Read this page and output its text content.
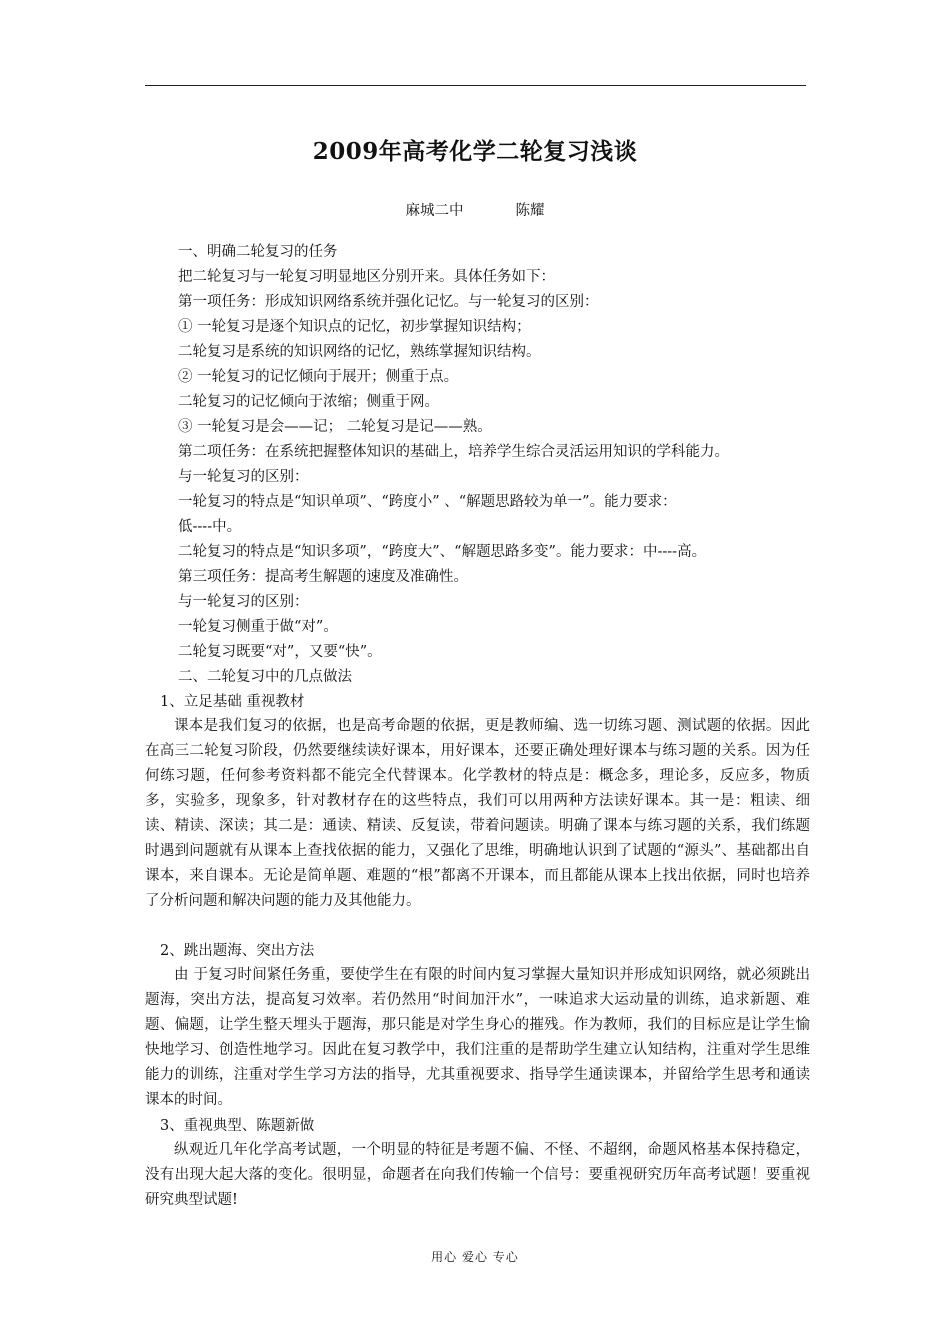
2009年高考化学二轮复习浅谈
麻城二中	陈耀
一、明确二轮复习的任务
把二轮复习与一轮复习明显地区分别开来。具体任务如下：
第一项任务：形成知识网络系统并强化记忆。与一轮复习的区别：
① 一轮复习是逐个知识点的记忆，初步掌握知识结构；
二轮复习是系统的知识网络的记忆，熟练掌握知识结构。
② 一轮复习的记忆倾向于展开；侧重于点。
二轮复习的记忆倾向于浓缩；侧重于网。
③ 一轮复习是会——记； 二轮复习是记——熟。
第二项任务：在系统把握整体知识的基础上，培养学生综合灵活运用知识的学科能力。
与一轮复习的区别：
一轮复习的特点是“知识单项”、“跨度小” 、“解题思路较为单一”。能力要求：
低----中。
二轮复习的特点是“知识多项”，“跨度大”、“解题思路多变”。能力要求：中----高。
第三项任务：提高考生解题的速度及准确性。
与一轮复习的区别：
一轮复习侧重于做“对”。
二轮复习既要“对”，又要“快”。
二、二轮复习中的几点做法
1、立足基础 重视教材

课本是我们复习的依据，也是高考命题的依据，更是教师编、选一切练习题、测试题的依据。因此在高三二轮复习阶段，仍然要继续读好课本，用好课本，还要正确处理好课本与练习题的关系。因为任何练习题，任何参考资料都不能完全代替课本。化学教材的特点是：概念多，理论多，反应多，物质多，实验多，现象多，针对教材存在的这些特点，我们可以用两种方法读好课本。其一是：粗读、细读、精读、深读；其二是：通读、精读、反复读，带着问题读。明确了课本与练习题的关系，我们练题时遇到问题就有从课本上查找依据的能力，又强化了思维，明确地认识到了试题的“源头”、基础都出自课本，来自课本。无论是简单题、难题的“根”都离不开课本，而且都能从课本上找出依据，同时也培养了分析问题和解决问题的能力及其他能力。

2、跳出题海、突出方法

由 于复习时间紧任务重，要使学生在有限的时间内复习掌握大量知识并形成知识网络，就必须跳出题海，突出方法，提高复习效率。若仍然用“时间加汗水”，一味追求大运动量的训练，追求新题、难题、偏题，让学生整天埋头于题海，那只能是对学生身心的摧残。作为教师，我们的目标应是让学生愉快地学习、创造性地学习。因此在复习教学中，我们注重的是帮助学生建立认知结构，注重对学生思维能力的训练，注重对学生学习方法的指导，尤其重视要求、指导学生通读课本，并留给学生思考和通读课本的时间。

3、重视典型、陈题新做

纵观近几年化学高考试题，一个明显的特征是考题不偏、不怪、不超纲，命题风格基本保持稳定，没有出现大起大落的变化。很明显，命题者在向我们传输一个信号：要重视研究历年高考试题！要重视研究典型试题!

用心 爱心 专心
